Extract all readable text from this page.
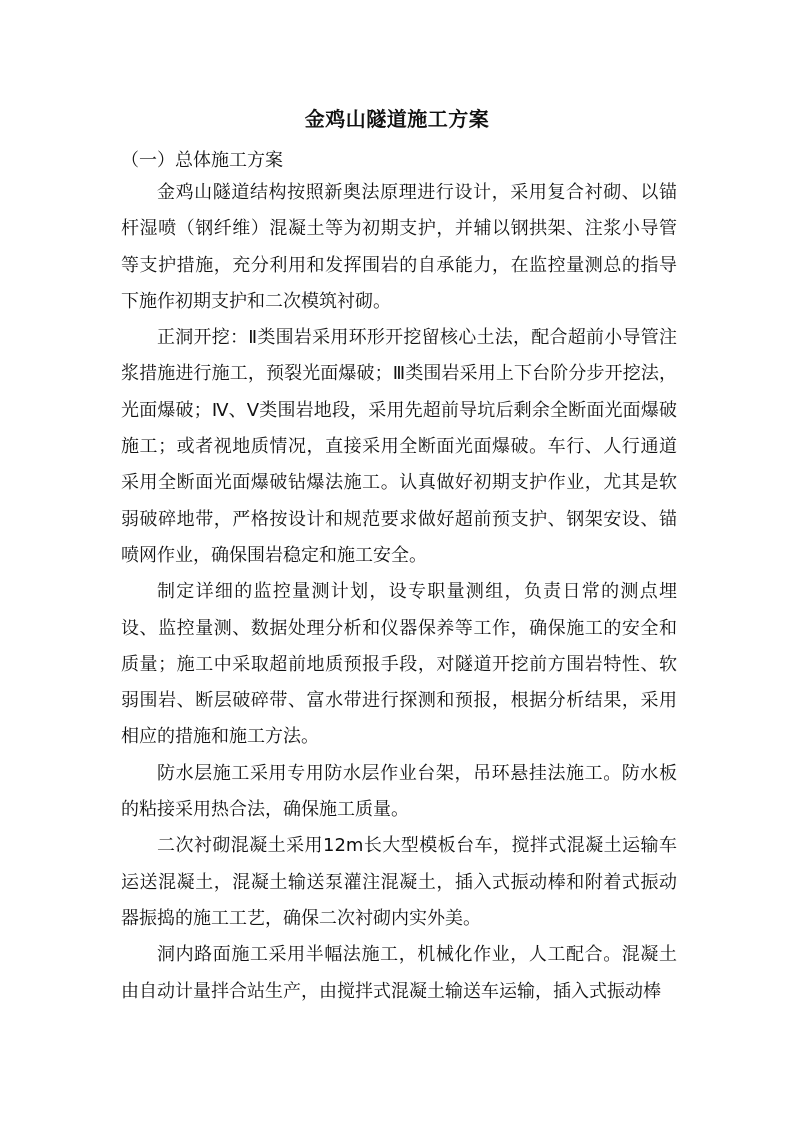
金鸡山隧道施工方案
（一）总体施工方案

金鸡山隧道结构按照新奥法原理进行设计，采用复合衬砌、以锚杆湿喷（钢纤维）混凝土等为初期支护，并辅以钢拱架、注浆小导管等支护措施，充分利用和发挥围岩的自承能力，在监控量测总的指导下施作初期支护和二次模筑衬砌。

正洞开挖：Ⅱ类围岩采用环形开挖留核心土法，配合超前小导管注浆措施进行施工，预裂光面爆破；Ⅲ类围岩采用上下台阶分步开挖法，光面爆破；Ⅳ、Ⅴ类围岩地段，采用先超前导坑后剩余全断面光面爆破施工；或者视地质情况，直接采用全断面光面爆破。车行、人行通道采用全断面光面爆破钻爆法施工。认真做好初期支护作业，尤其是软弱破碎地带，严格按设计和规范要求做好超前预支护、钢架安设、锚喷网作业，确保围岩稳定和施工安全。

制定详细的监控量测计划，设专职量测组，负责日常的测点埋设、监控量测、数据处理分析和仪器保养等工作，确保施工的安全和质量；施工中采取超前地质预报手段，对隧道开挖前方围岩特性、软弱围岩、断层破碎带、富水带进行探测和预报，根据分析结果，采用相应的措施和施工方法。

防水层施工采用专用防水层作业台架，吊环悬挂法施工。防水板的粘接采用热合法，确保施工质量。

二次衬砌混凝土采用12m长大型模板台车，搅拌式混凝土运输车运送混凝土，混凝土输送泵灌注混凝土，插入式振动棒和附着式振动器振捣的施工工艺，确保二次衬砌内实外美。

洞内路面施工采用半幅法施工，机械化作业，人工配合。混凝土由自动计量拌合站生产，由搅拌式混凝土输送车运输，插入式振动棒
